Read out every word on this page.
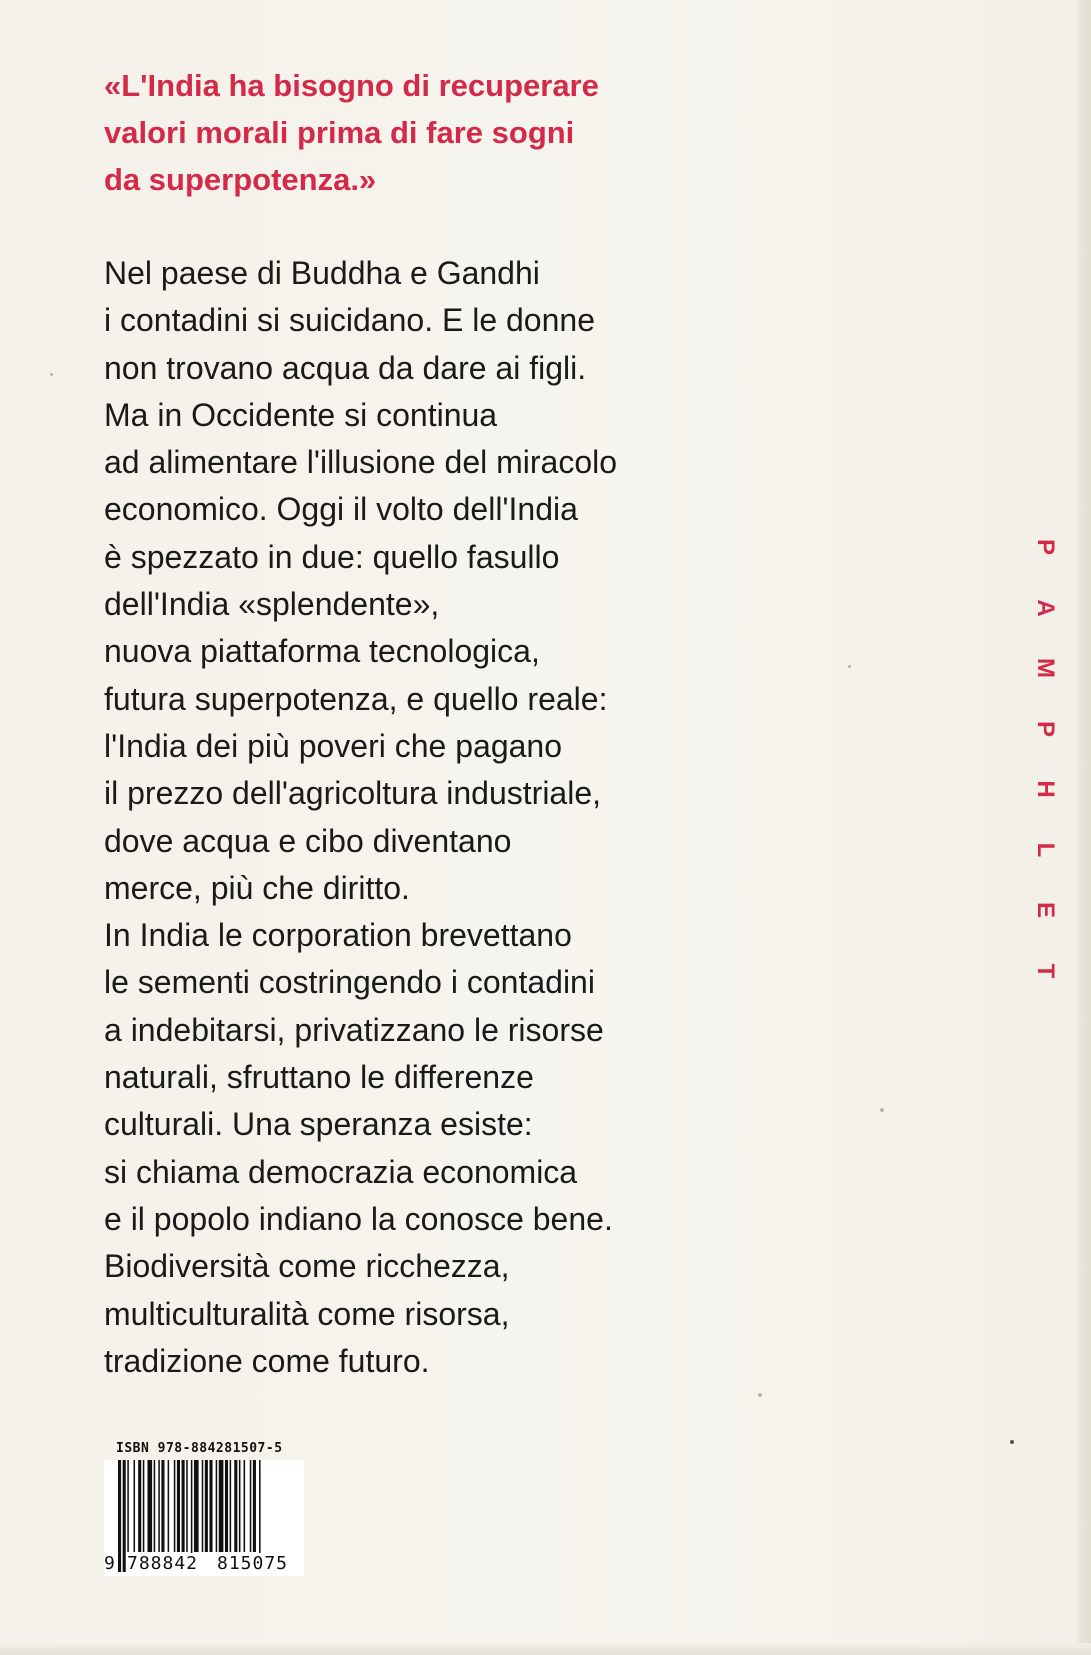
«L'India ha bisogno di recuperare
valori morali prima di fare sogni
da superpotenza.»

Nel paese di Buddha e Gandhi
i contadini si suicidano. E le donne
non trovano acqua da dare ai figli.
Ma in Occidente si continua
ad alimentare l'illusione del miracolo
economico. Oggi il volto dell'India
è spezzato in due: quello fasullo
dell'India «splendente»,
nuova piattaforma tecnologica,
futura superpotenza, e quello reale:
l'India dei più poveri che pagano
il prezzo dell'agricoltura industriale,
dove acqua e cibo diventano
merce, più che diritto.
In India le corporation brevettano
le sementi costringendo i contadini
a indebitarsi, privatizzano le risorse
naturali, sfruttano le differenze
culturali. Una speranza esiste:
si chiama democrazia economica
e il popolo indiano la conosce bene.
Biodiversità come ricchezza,
multiculturalità come risorsa,
tradizione come futuro.

P
A
M
P
H
L
E
T
ISBN 978-884281507-5
9 788842 815075
